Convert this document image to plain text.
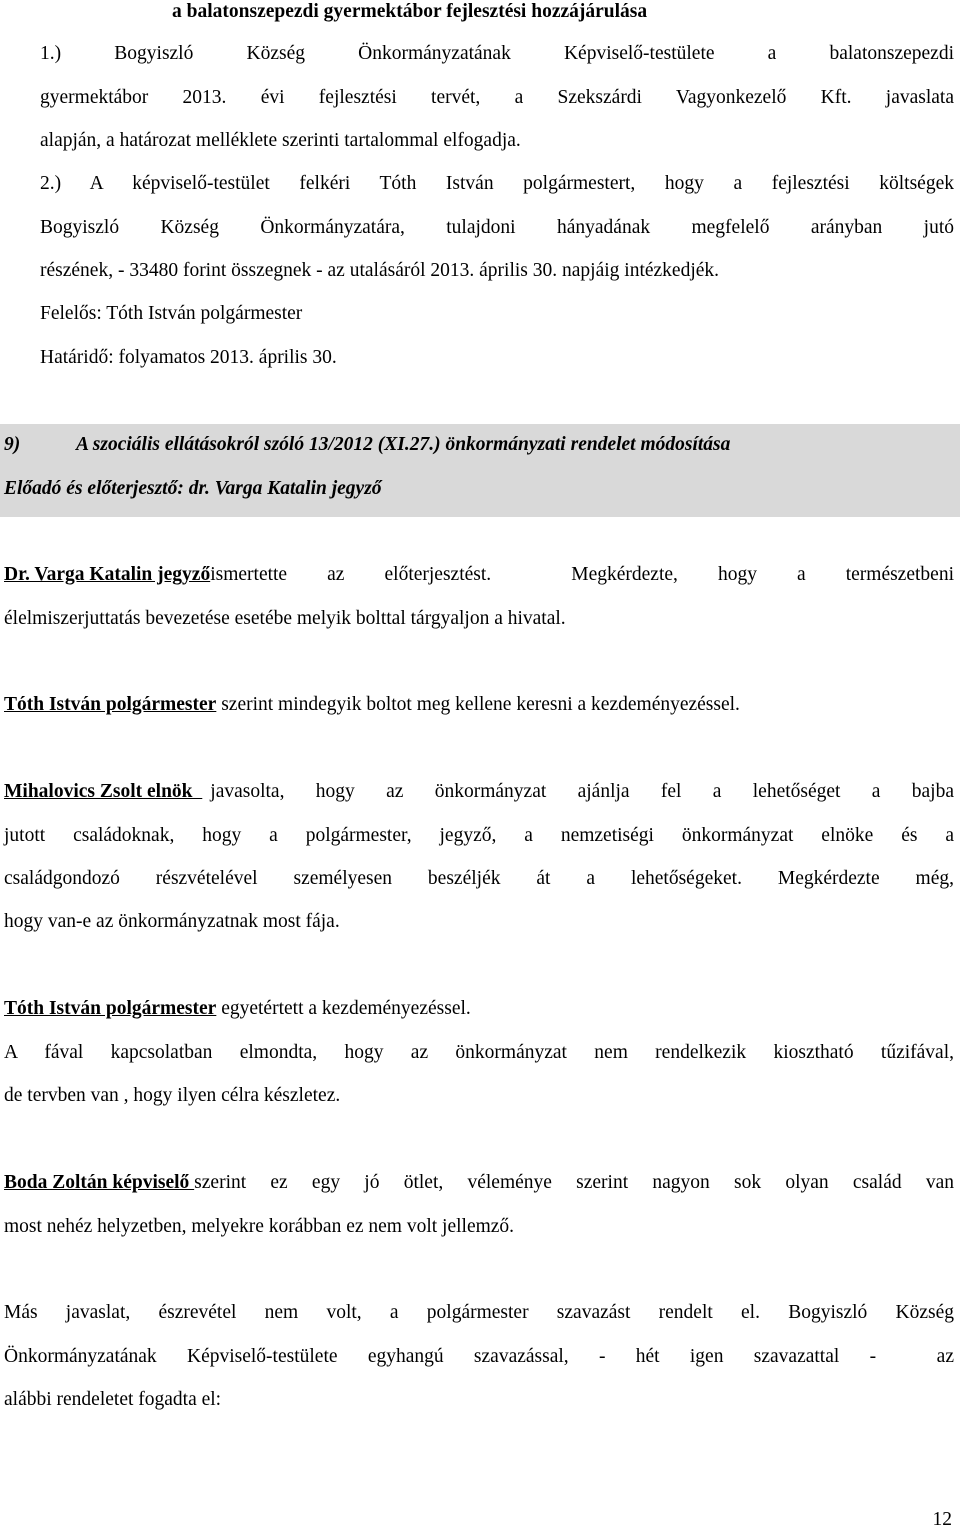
a balatonszepezdi gyermektábor fejlesztési hozzájárulása
1.) Bogyiszló Község Önkormányzatának Képviselő-testülete a balatonszepezdi
gyermektábor 2013. évi fejlesztési tervét, a Szekszárdi Vagyonkezelő Kft. javaslata
alapján, a határozat melléklete szerinti tartalommal elfogadja.
2.) A képviselő-testület felkéri Tóth István polgármestert, hogy a fejlesztési költségek
Bogyiszló Község Önkormányzatára, tulajdoni hányadának megfelelő arányban jutó
részének, - 33480 forint összegnek - az utalásáról 2013. április 30. napjáig intézkedjék.
Felelős: Tóth István polgármester
Határidő: folyamatos 2013. április 30.
9)	A szociális ellátásokról szóló 13/2012 (XI.27.) önkormányzati rendelet módosítása
Előadó és előterjesztő: dr. Varga Katalin jegyző
Dr. Varga Katalin jegyző ismertette az előterjesztést.  Megkérdezte, hogy a természetbeni
élelmiszerjuttatás bevezetése esetébe melyik bolttal tárgyaljon a hivatal.
Tóth István polgármester szerint mindegyik boltot meg kellene keresni a kezdeményezéssel.
Mihalovics Zsolt elnök javasolta, hogy az önkormányzat ajánlja fel a lehetőséget a bajba
jutott családoknak, hogy a polgármester, jegyző, a nemzetiségi önkormányzat elnöke és a
családgondozó részvételével személyesen beszéljék át a lehetőségeket. Megkérdezte még,
hogy van-e az önkormányzatnak most fája.
Tóth István polgármester egyetértett a kezdeményezéssel.
A fával kapcsolatban elmondta, hogy az önkormányzat nem rendelkezik kiosztható tűzifával,
de tervben van , hogy ilyen célra készletez.
Boda Zoltán képviselő szerint ez egy jó ötlet, véleménye szerint nagyon sok olyan család van
most nehéz helyzetben, melyekre korábban ez nem volt jellemző.
Más javaslat, észrevétel nem volt, a polgármester szavazást rendelt el. Bogyiszló Község
Önkormányzatának Képviselő-testülete egyhangú szavazással, - hét igen szavazattal -  az
alábbi rendeletet fogadta el:
12
